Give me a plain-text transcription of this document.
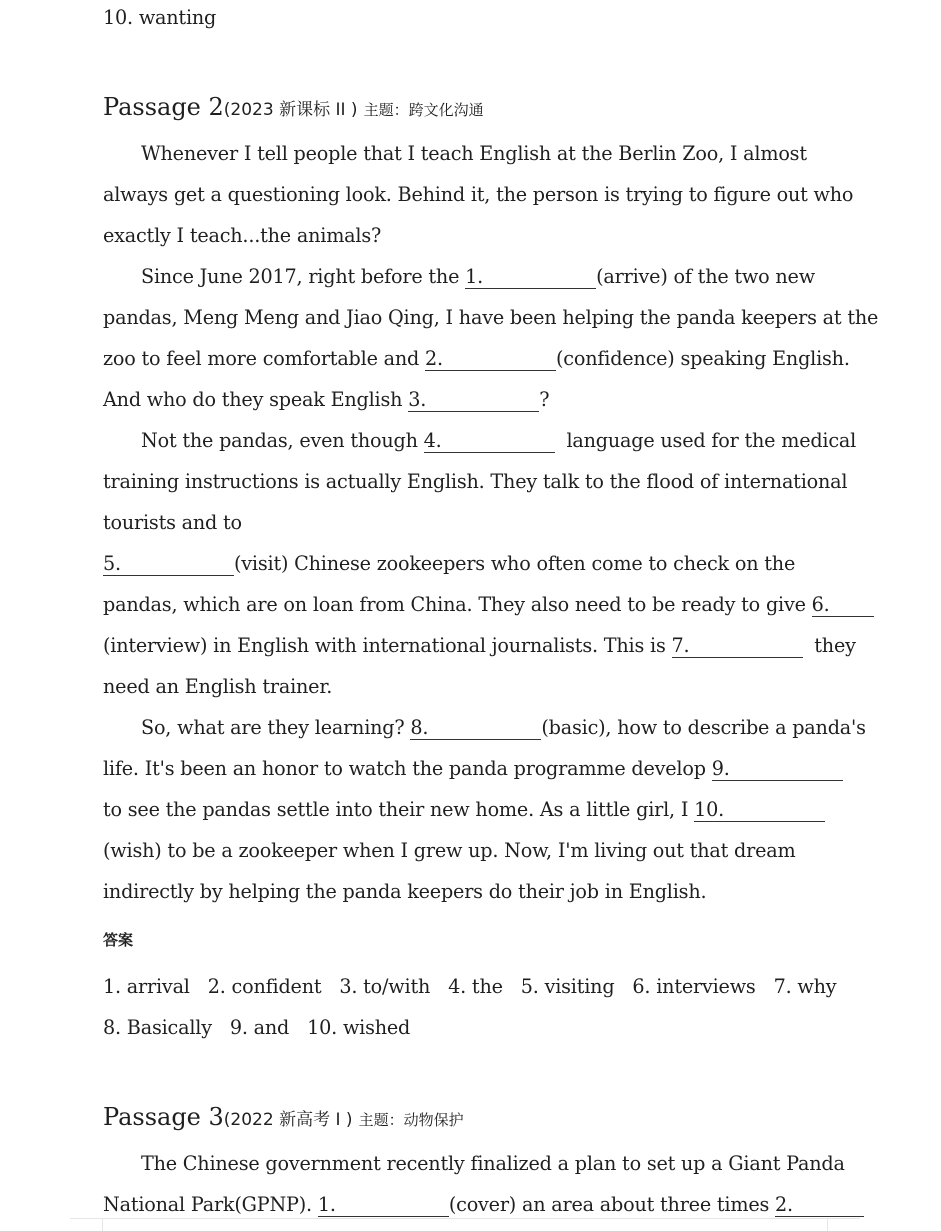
10. wanting
Passage 2(2023 新课标 II ) 主题：跨文化沟通
Whenever I tell people that I teach English at the Berlin Zoo, I almost
always get a questioning look. Behind it, the person is trying to figure out who
exactly I teach...the animals?
Since June 2017, right before the 1.	(arrive) of the two new
pandas, Meng Meng and Jiao Qing, I have been helping the panda keepers at the
zoo to feel more comfortable and 2.	(confidence) speaking English.
And who do they speak English 3.	?
Not the pandas, even though 4.	language used for the medical
training instructions is actually English. They talk to the flood of international
tourists and to
5.	(visit) Chinese zookeepers who often come to check on the
pandas, which are on loan from China. They also need to be ready to give 6.
(interview) in English with international journalists. This is 7.	they
need an English trainer.
So, what are they learning? 8.	(basic), how to describe a panda's
life. It's been an honor to watch the panda programme develop 9.
to see the pandas settle into their new home. As a little girl, I 10.
(wish) to be a zookeeper when I grew up. Now, I'm living out that dream
indirectly by helping the panda keepers do their job in English.
答案
1. arrival 2. confident 3. to/with 4. the 5. visiting 6. interviews 7. why
8. Basically 9. and 10. wished
Passage 3(2022 新高考 I ) 主题：动物保护
The Chinese government recently finalized a plan to set up a Giant Panda
National Park(GPNP). 1.	(cover) an area about three times 2.
